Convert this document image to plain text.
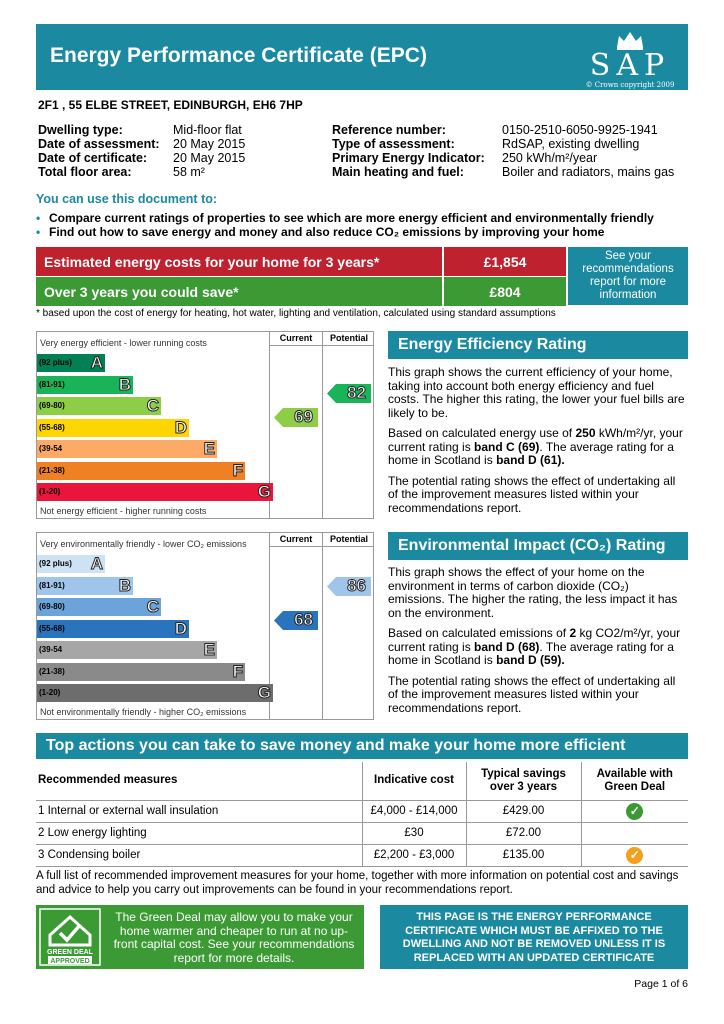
Energy Performance Certificate (EPC)	SAP
© Crown copyright 2009
2F1 , 55 ELBE STREET, EDINBURGH, EH6 7HP
Dwelling type:	Mid-floor flat
Date of assessment:	20 May 2015
Date of certificate:	20 May 2015
Total floor area:	58 m²
Reference number:	0150-2510-6050-9925-1941
Type of assessment:	RdSAP, existing dwelling
Primary Energy Indicator:	250 kWh/m²/year
Main heating and fuel:	Boiler and radiators, mains gas
You can use this document to:
• Compare current ratings of properties to see which are more energy efficient and environmentally friendly
• Find out how to save energy and money and also reduce CO₂ emissions by improving your home
Estimated energy costs for your home for 3 years*	£1,854
Over 3 years you could save*	£804
See your recommendations report for more information
* based upon the cost of energy for heating, hot water, lighting and ventilation, calculated using standard assumptions
Current	Potential
Very energy efficient - lower running costs
Not energy efficient - higher running costs
(92 plus) A
(81-91)	B
(69-80)	C
(55-68)	D
(39-54	E
(21-38)	F
(1-20)	G
69
82
Energy Efficiency Rating

This graph shows the current efficiency of your home, taking into account both energy efficiency and fuel costs. The higher this rating, the lower your fuel bills are likely to be.

Based on calculated energy use of 250 kWh/m²/yr, your current rating is band C (69). The average rating for a home in Scotland is band D (61).

The potential rating shows the effect of undertaking all of the improvement measures listed within your recommendations report.

Current	Potential
Very environmentally friendly - lower CO₂ emissions
Not environmentally friendly - higher CO₂ emissions
(92 plus) A
(81-91)	B
(69-80)	C
(55-68)	D
(39-54	E
(21-38)	F
(1-20)	G
68
86
Environmental Impact (CO₂) Rating

This graph shows the effect of your home on the environment in terms of carbon dioxide (CO₂) emissions. The higher the rating, the less impact it has on the environment.

Based on calculated emissions of 2 kg CO2/m²/yr, your current rating is band D (68). The average rating for a home in Scotland is band D (59).

The potential rating shows the effect of undertaking all of the improvement measures listed within your recommendations report.

Top actions you can take to save money and make your home more efficient
Recommended measures	Indicative cost	Typical savings over 3 years	Available with Green Deal
1 Internal or external wall insulation	£4,000 - £14,000	£429.00	✓
2 Low energy lighting	£30	£72.00	
3 Condensing boiler	£2,200 - £3,000	£135.00	✓
A full list of recommended improvement measures for your home, together with more information on potential cost and savings and advice to help you carry out improvements can be found in your recommendations report.
GREEN DEAL
APPROVED
The Green Deal may allow you to make your home warmer and cheaper to run at no up-front capital cost. See your recommendations report for more details.
THIS PAGE IS THE ENERGY PERFORMANCE CERTIFICATE WHICH MUST BE AFFIXED TO THE DWELLING AND NOT BE REMOVED UNLESS IT IS REPLACED WITH AN UPDATED CERTIFICATE
Page 1 of 6
